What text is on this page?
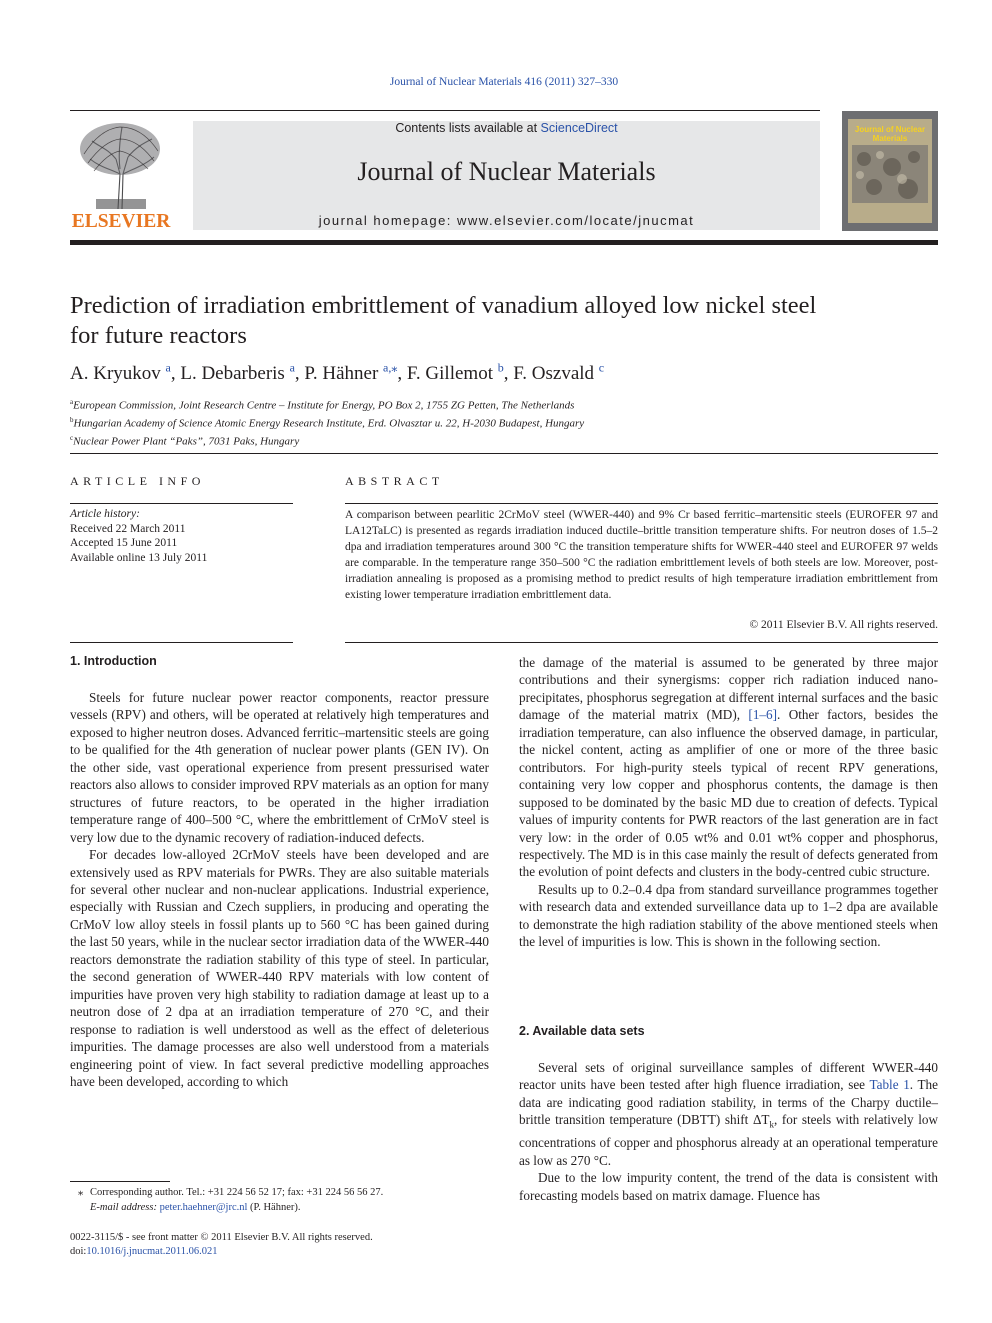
Journal of Nuclear Materials 416 (2011) 327–330
ELSEVIER
Contents lists available at ScienceDirect
Journal of Nuclear Materials
journal homepage: www.elsevier.com/locate/jnucmat
Journal of Nuclear Materials
Prediction of irradiation embrittlement of vanadium alloyed low nickel steel
for future reactors
A. Kryukov $^a$, L. Debarberis $^a$, P. Hähner $^{a,⁎}$, F. Gillemot $^b$, F. Oszvald $^c$
$^a$European Commission, Joint Research Centre – Institute for Energy, PO Box 2, 1755 ZG Petten, The Netherlands
$^b$Hungarian Academy of Science Atomic Energy Research Institute, Erd. Olvasztar u. 22, H-2030 Budapest, Hungary
$^c$Nuclear Power Plant “Paks”, 7031 Paks, Hungary
ARTICLE INFO
Article history:
Received 22 March 2011
Accepted 15 June 2011
Available online 13 July 2011
ABSTRACT
A comparison between pearlitic 2CrMoV steel (WWER-440) and 9% Cr based ferritic–martensitic steels (EUROFER 97 and LA12TaLC) is presented as regards irradiation induced ductile–brittle transition temperature shifts. For neutron doses of 1.5–2 dpa and irradiation temperatures around 300 °C the transition temperature shifts for WWER-440 steel and EUROFER 97 welds are comparable. In the temperature range 350–500 °C the radiation embrittlement levels of both steels are low. Moreover, post-irradiation annealing is proposed as a promising method to predict results of high temperature irradiation embrittlement from existing lower temperature irradiation embrittlement data.
© 2011 Elsevier B.V. All rights reserved.
1. Introduction

Steels for future nuclear power reactor components, reactor pressure vessels (RPV) and others, will be operated at relatively high temperatures and exposed to higher neutron doses. Advanced ferritic–martensitic steels are going to be qualified for the 4th generation of nuclear power plants (GEN IV). On the other side, vast operational experience from present pressurised water reactors also allows to consider improved RPV materials as an option for many structures of future reactors, to be operated in the higher irradiation temperature range of 400–500 °C, where the embrittlement of CrMoV steel is very low due to the dynamic recovery of radiation-induced defects.

For decades low-alloyed 2CrMoV steels have been developed and are extensively used as RPV materials for PWRs. They are also suitable materials for several other nuclear and non-nuclear applications. Industrial experience, especially with Russian and Czech suppliers, in producing and operating the CrMoV low alloy steels in fossil plants up to 560 °C has been gained during the last 50 years, while in the nuclear sector irradiation data of the WWER-440 reactors demonstrate the radiation stability of this type of steel. In particular, the second generation of WWER-440 RPV materials with low content of impurities have proven very high stability to radiation damage at least up to a neutron dose of 2 dpa at an irradiation temperature of 270 °C, and their response to radiation is well understood as well as the effect of deleterious impurities. The damage processes are also well understood from a materials engineering point of view. In fact several predictive modelling approaches have been developed, according to which

the damage of the material is assumed to be generated by three major contributions and their synergisms: copper rich radiation induced nano-precipitates, phosphorus segregation at different internal surfaces and the basic damage of the material matrix (MD), [1–6]. Other factors, besides the irradiation temperature, can also influence the observed damage, in particular, the nickel content, acting as amplifier of one or more of the three basic contributors. For high-purity steels typical of recent RPV generations, containing very low copper and phosphorus contents, the damage is then supposed to be dominated by the basic MD due to creation of defects. Typical values of impurity contents for PWR reactors of the last generation are in fact very low: in the order of 0.05 wt% and 0.01 wt% copper and phosphorus, respectively. The MD is in this case mainly the result of defects generated from the evolution of point defects and clusters in the body-centred cubic structure.

Results up to 0.2–0.4 dpa from standard surveillance programmes together with research data and extended surveillance data up to 1–2 dpa are available to demonstrate the high radiation stability of the above mentioned steels when the level of impurities is low. This is shown in the following section.

2. Available data sets

Several sets of original surveillance samples of different WWER-440 reactor units have been tested after high fluence irradiation, see Table 1. The data are indicating good radiation stability, in terms of the Charpy ductile–brittle transition temperature (DBTT) shift $\Delta T_k$, for steels with relatively low concentrations of copper and phosphorus already at an operational temperature as low as 270 °C.

Due to the low impurity content, the trend of the data is consistent with forecasting models based on matrix damage. Fluence has

⁎ Corresponding author. Tel.: +31 224 56 52 17; fax: +31 224 56 56 27.
E-mail address: peter.haehner@jrc.nl (P. Hähner).
0022-3115/$ - see front matter © 2011 Elsevier B.V. All rights reserved.
doi:10.1016/j.jnucmat.2011.06.021
